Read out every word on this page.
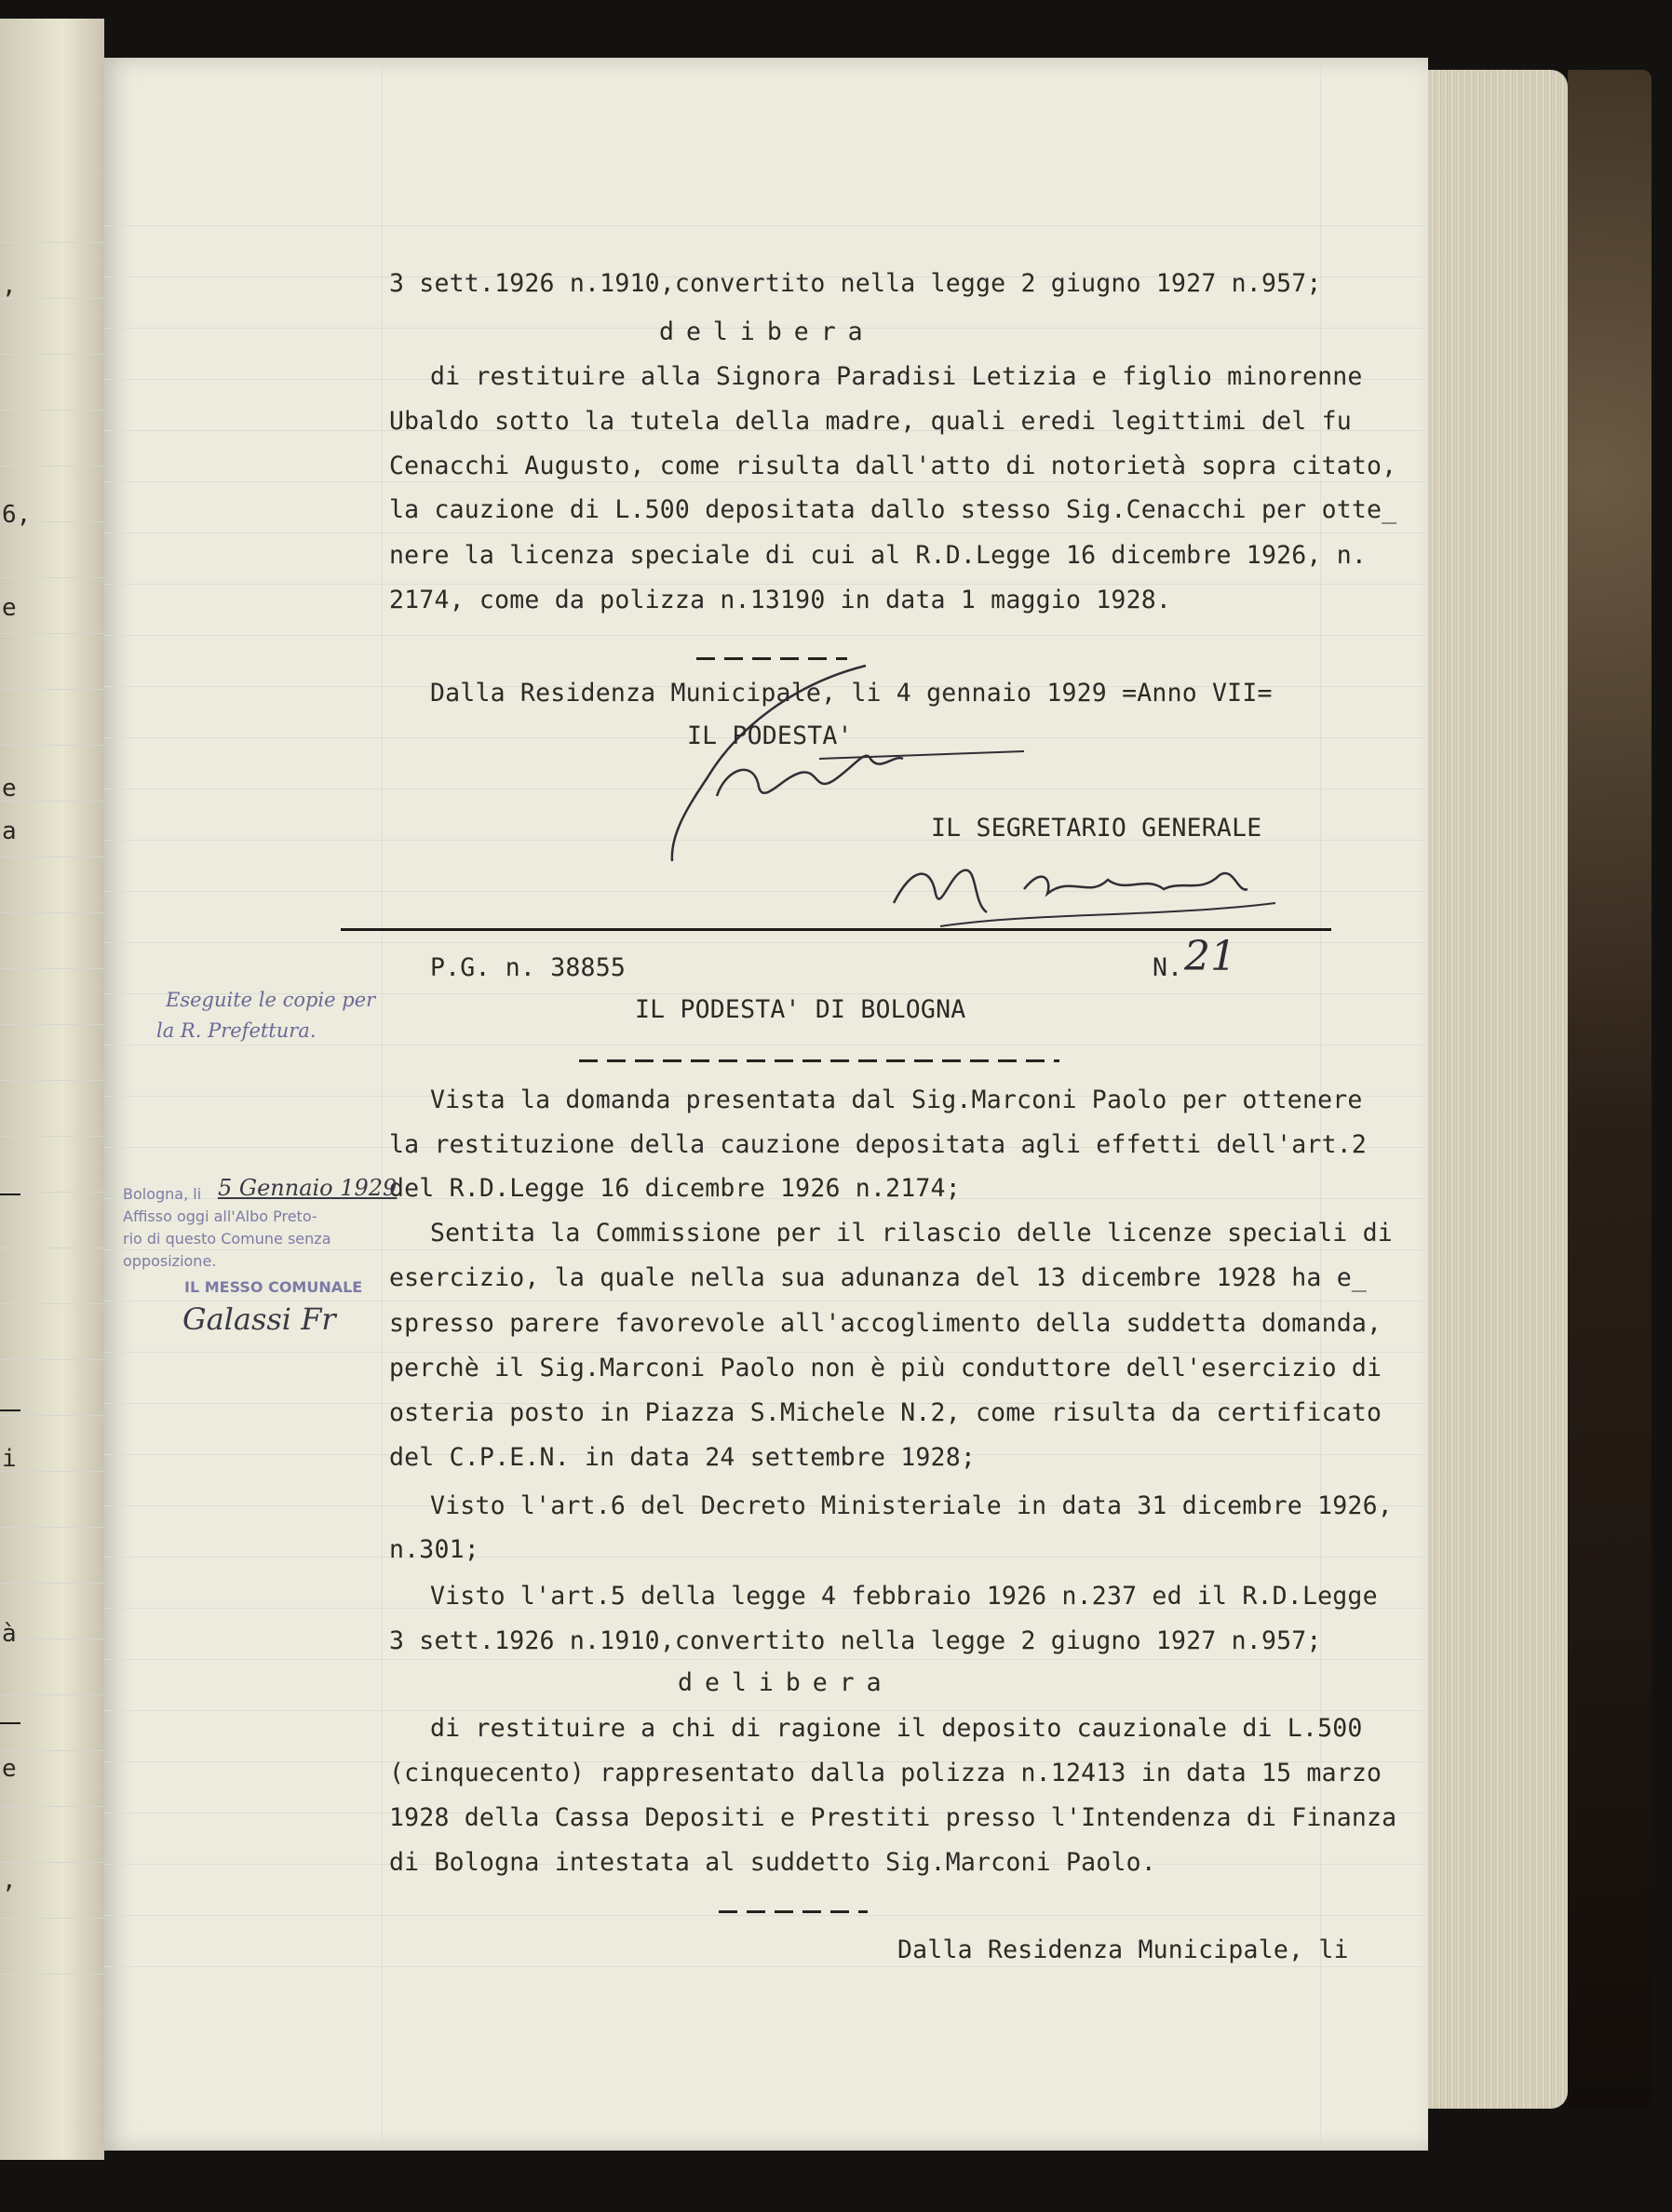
,
6,
e
e
a
i
à
e
,
3 sett.1926 n.1910,convertito nella legge 2 giugno 1927 n.957;
delibera
di restituire alla Signora Paradisi Letizia e figlio minorenne
Ubaldo sotto la tutela della madre, quali eredi legittimi del fu
Cenacchi Augusto, come risulta dall'atto di notorietà sopra citato,
la cauzione di L.500 depositata dallo stesso Sig.Cenacchi per otte_
nere la licenza speciale di cui al R.D.Legge 16 dicembre 1926, n.
2174, come da polizza n.13190 in data 1 maggio 1928.
Dalla Residenza Municipale, li 4 gennaio 1929 =Anno VII=
IL PODESTA'
IL SEGRETARIO GENERALE
P.G. n. 38855	N. 21
IL PODESTA' DI BOLOGNA
Vista la domanda presentata dal Sig.Marconi Paolo per ottenere
la restituzione della cauzione depositata agli effetti dell'art.2
del R.D.Legge 16 dicembre 1926 n.2174;
Sentita la Commissione per il rilascio delle licenze speciali di
esercizio, la quale nella sua adunanza del 13 dicembre 1928 ha e_
spresso parere favorevole all'accoglimento della suddetta domanda,
perchè il Sig.Marconi Paolo non è più conduttore dell'esercizio di
osteria posto in Piazza S.Michele N.2, come risulta da certificato
del C.P.E.N. in data 24 settembre 1928;
Visto l'art.6 del Decreto Ministeriale in data 31 dicembre 1926,
n.301;
Visto l'art.5 della legge 4 febbraio 1926 n.237 ed il R.D.Legge
3 sett.1926 n.1910,convertito nella legge 2 giugno 1927 n.957;
delibera
di restituire a chi di ragione il deposito cauzionale di L.500
(cinquecento) rappresentato dalla polizza n.12413 in data 15 marzo
1928 della Cassa Depositi e Prestiti presso l'Intendenza di Finanza
di Bologna intestata al suddetto Sig.Marconi Paolo.
Dalla Residenza Municipale, li
Eseguite le copie per
la R. Prefettura.
Bologna, li 5 Gennaio 1929
Affisso oggi all'Albo Preto-
rio di questo Comune senza
opposizione.
IL MESSO COMUNALE
Galassi Fr
